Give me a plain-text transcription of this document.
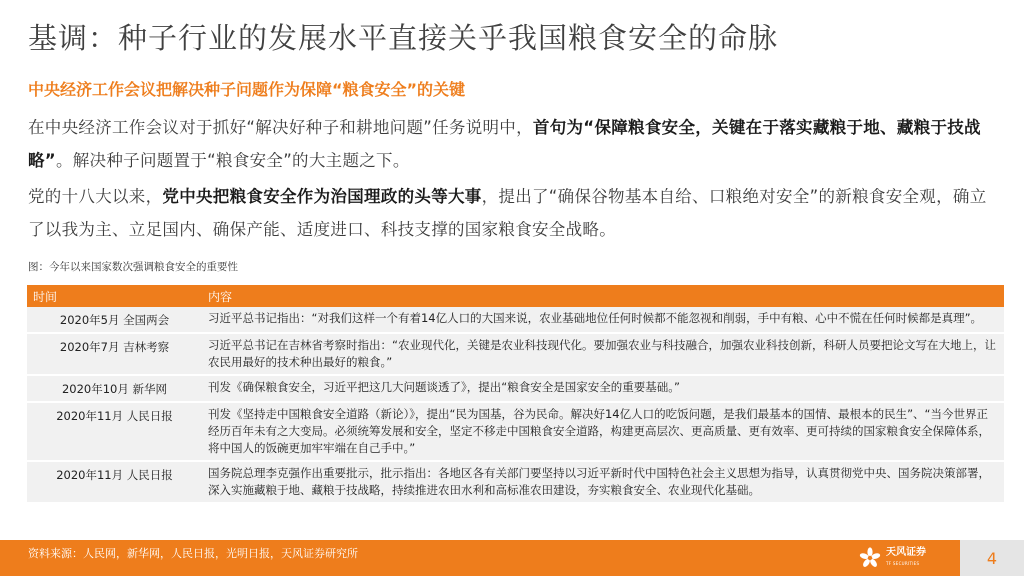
基调：种子行业的发展水平直接关乎我国粮食安全的命脉
中央经济工作会议把解决种子问题作为保障“粮食安全”的关键
在中央经济工作会议对于抓好“解决好种子和耕地问题”任务说明中，首句为“保障粮食安全，关键在于落实藏粮于地、藏粮于技战略”。解决种子问题置于“粮食安全”的大主题之下。
党的十八大以来，党中央把粮食安全作为治国理政的头等大事，提出了“确保谷物基本自给、口粮绝对安全”的新粮食安全观，确立了以我为主、立足国内、确保产能、适度进口、科技支撑的国家粮食安全战略。
图：今年以来国家数次强调粮食安全的重要性
时间	内容
2020年5月 全国两会	习近平总书记指出：“对我们这样一个有着14亿人口的大国来说，农业基础地位任何时候都不能忽视和削弱，手中有粮、心中不慌在任何时候都是真理”。
2020年7月 吉林考察	习近平总书记在吉林省考察时指出：“农业现代化，关键是农业科技现代化。要加强农业与科技融合，加强农业科技创新，科研人员要把论文写在大地上，让农民用最好的技术种出最好的粮食。”
2020年10月 新华网	刊发《确保粮食安全，习近平把这几大问题谈透了》，提出“粮食安全是国家安全的重要基础。”
2020年11月 人民日报	刊发《坚持走中国粮食安全道路（新论）》，提出“民为国基，谷为民命。解决好14亿人口的吃饭问题，是我们最基本的国情、最根本的民生”、“当今世界正经历百年未有之大变局。必须统筹发展和安全，坚定不移走中国粮食安全道路，构建更高层次、更高质量、更有效率、更可持续的国家粮食安全保障体系，将中国人的饭碗更加牢牢端在自己手中。”
2020年11月 人民日报	国务院总理李克强作出重要批示，批示指出：各地区各有关部门要坚持以习近平新时代中国特色社会主义思想为指导，认真贯彻党中央、国务院决策部署，深入实施藏粮于地、藏粮于技战略，持续推进农田水利和高标准农田建设，夯实粮食安全、农业现代化基础。
资料来源：人民网，新华网，人民日报，光明日报，天风证券研究所	天风证券
TF SECURITIES	4
